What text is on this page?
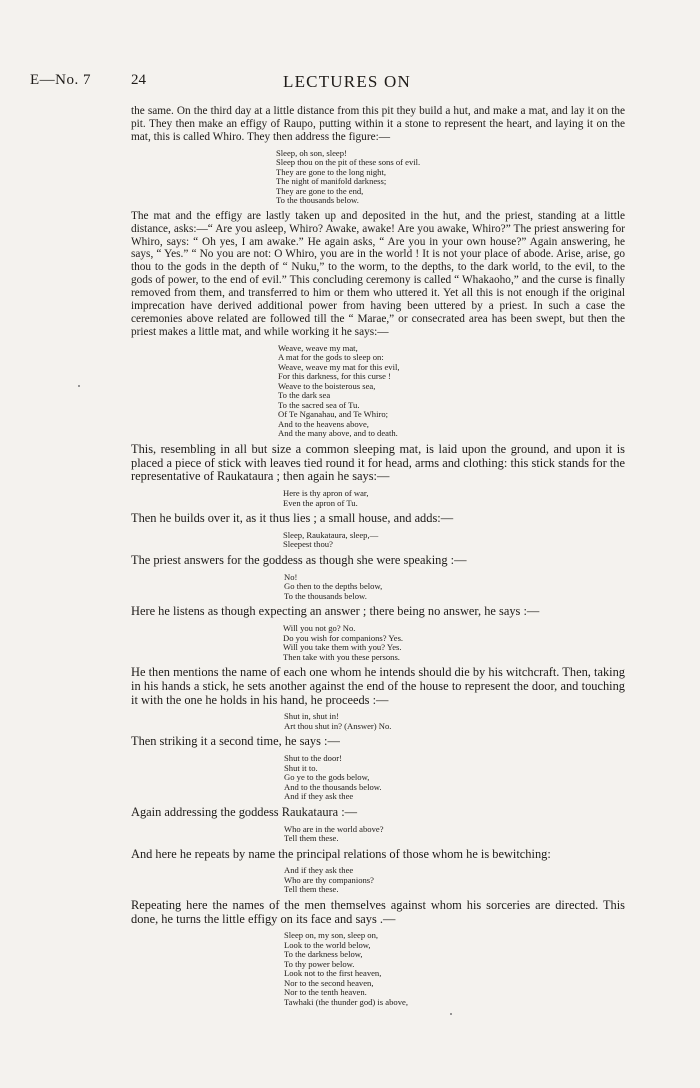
E—No. 7	24	LECTURES ON

the same. On the third day at a little distance from this pit they build a hut, and make a mat, and lay it on the pit. They then make an effigy of Raupo, putting within it a stone to represent the heart, and laying it on the mat, this is called Whiro. They then address the figure:—

Sleep, oh son, sleep!
Sleep thou on the pit of these sons of evil.
They are gone to the long night,
The night of manifold darkness;
They are gone to the end,
To the thousands below.

The mat and the effigy are lastly taken up and deposited in the hut, and the priest, standing at a little distance, asks:—“ Are you asleep, Whiro? Awake, awake! Are you awake, Whiro?” The priest answering for Whiro, says: “ Oh yes, I am awake.” He again asks, “ Are you in your own house?” Again answering, he says, “ Yes.” “ No you are not: O Whiro, you are in the world ! It is not your place of abode. Arise, arise, go thou to the gods in the depth of “ Nuku,” to the worm, to the depths, to the dark world, to the evil, to the gods of power, to the end of evil.” This concluding ceremony is called “ Whakaoho,” and the curse is finally removed from them, and transferred to him or them who uttered it. Yet all this is not enough if the original imprecation have derived additional power from having been uttered by a priest. In such a case the ceremonies above related are followed till the “ Marae,” or consecrated area has been swept, but then the priest makes a little mat, and while working it he says:—

Weave, weave my mat,
A mat for the gods to sleep on:
Weave, weave my mat for this evil,
For this darkness, for this curse !
Weave to the boisterous sea,
To the dark sea
To the sacred sea of Tu.
Of Te Nganahau, and Te Whiro;
And to the heavens above,
And the many above, and to death.

This, resembling in all but size a common sleeping mat, is laid upon the ground, and upon it is placed a piece of stick with leaves tied round it for head, arms and clothing: this stick stands for the representative of Raukataura ; then again he says:—

Here is thy apron of war,
Even the apron of Tu.

Then he builds over it, as it thus lies ; a small house, and adds:—

Sleep, Raukataura, sleep,—
Sleepest thou?

The priest answers for the goddess as though she were speaking :—

No!
Go then to the depths below,
To the thousands below.

Here he listens as though expecting an answer ; there being no answer, he says :—

Will you not go? No.
Do you wish for companions? Yes.
Will you take them with you? Yes.
Then take with you these persons.

He then mentions the name of each one whom he intends should die by his witchcraft. Then, taking in his hands a stick, he sets another against the end of the house to represent the door, and touching it with the one he holds in his hand, he proceeds :—

Shut in, shut in!
Art thou shut in? (Answer) No.

Then striking it a second time, he says :—

Shut to the door!
Shut it to.
Go ye to the gods below,
And to the thousands below.
And if they ask thee

Again addressing the goddess Raukataura :—

Who are in the world above?
Tell them these.

And here he repeats by name the principal relations of those whom he is bewitching:

And if they ask thee
Who are thy companions?
Tell them these.

Repeating here the names of the men themselves against whom his sorceries are directed. This done, he turns the little effigy on its face and says .—

Sleep on, my son, sleep on,
Look to the world below,
To the darkness below,
To thy power below.
Look not to the first heaven,
Nor to the second heaven,
Nor to the tenth heaven.
Tawhaki (the thunder god) is above,
